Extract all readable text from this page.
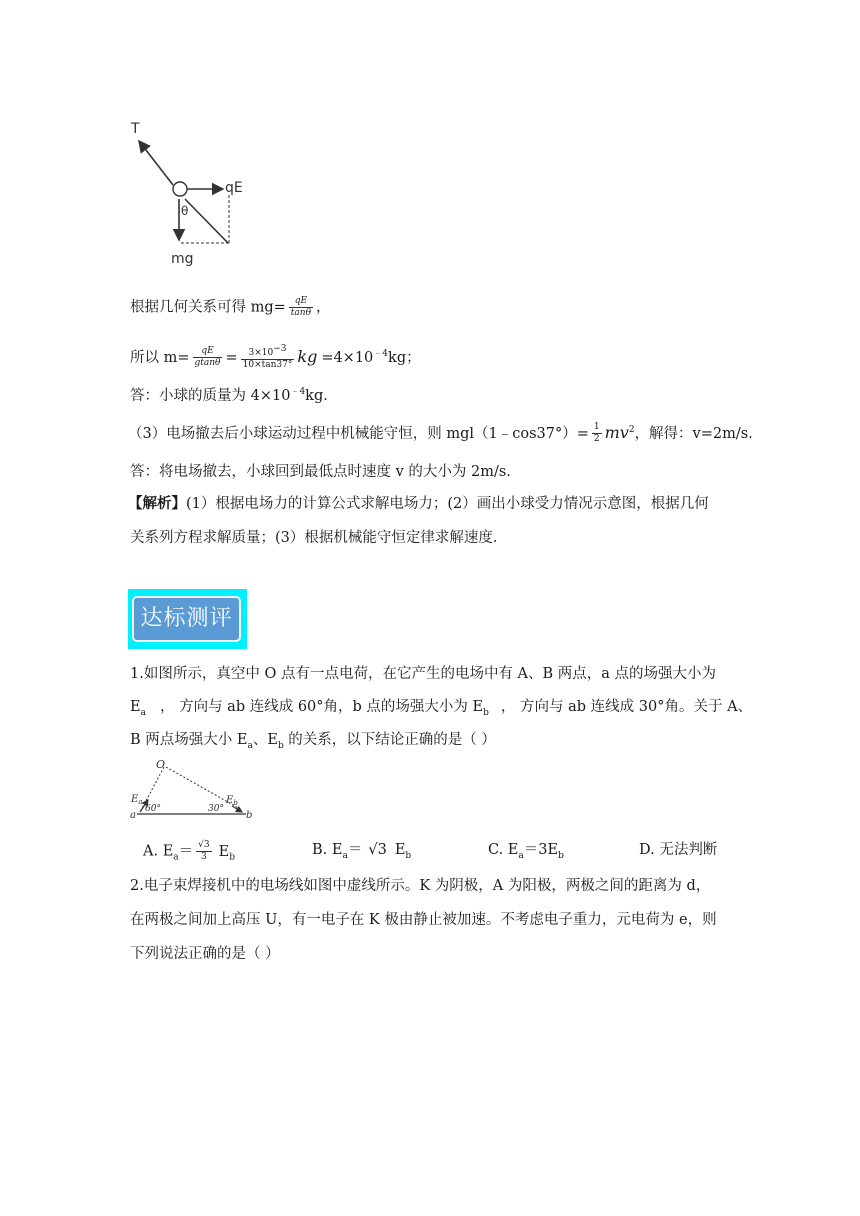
T
qE
θ
mg
根据几何关系可得 $mg= \frac{qE}{\tan\theta}$ ，
所以 $m= \frac{qE}{gtan\theta} = \frac{3\times 10^{-3}}{10\times\tan 37^\circ}$ kg $=4\times 10^{﹣4}kg$；
答：小球的质量为 $4\times 10^{﹣4}kg$．
（3）电场撤去后小球运动过程中机械能守恒，则 mgl（1﹣cos37°）= $\frac{1}{2} mv^2$，解得：v=2m/s．
答：将电场撤去，小球回到最低点时速度 v 的大小为 2m/s．
【解析】(1）根据电场力的计算公式求解电场力；(2）画出小球受力情况示意图，根据几何
关系列方程求解质量；(3）根据机械能守恒定律求解速度．
达标测评
1.如图所示，真空中 O 点有一点电荷，在它产生的电场中有 A、B 两点，a 点的场强大小为
$E_a$ ， 方向与 ab 连线成 60°角，b 点的场强大小为 $E_b$ ， 方向与 ab 连线成 30°角。关于 A、
B 两点场强大小 $E_a$、$E_b$ 的关系，以下结论正确的是（ ）
O
$E_a$
a
60°	30°
$E_b$
b
A. $E_a= \frac{√3}{3} E_b$	B. $E_a= √3$ $E_b$	C. $E_a=3E_b$	D. 无法判断
2.电子束焊接机中的电场线如图中虚线所示。K 为阴极，A 为阳极，两极之间的距离为 d，
在两极之间加上高压 U，有一电子在 K 极由静止被加速。不考虑电子重力，元电荷为 e，则
下列说法正确的是（ ）
